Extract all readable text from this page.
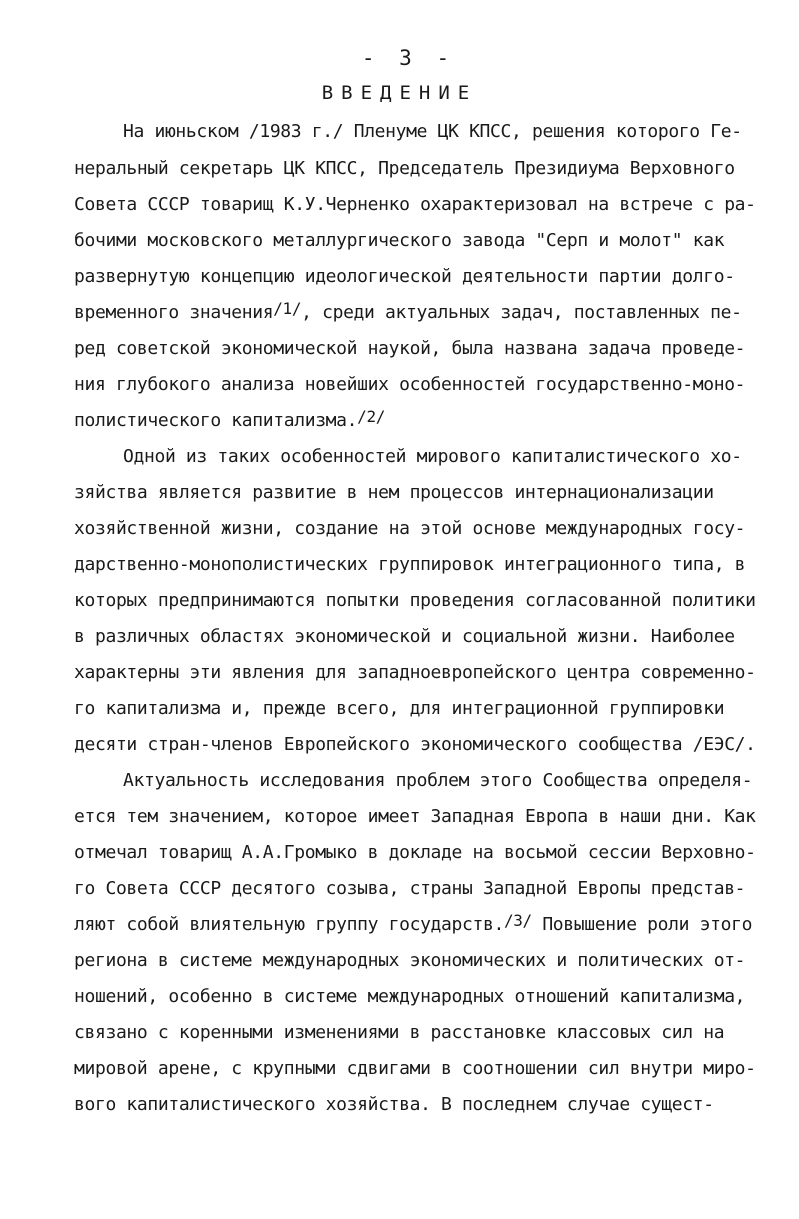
- 3 -
ВВЕДЕНИЕ
На июньском /1983 г./ Пленуме ЦК КПСС, решения которого Ге-
неральный секретарь ЦК КПСС, Председатель Президиума Верховного
Совета СССР товарищ К.У.Черненко охарактеризовал на встрече с ра-
бочими московского металлургического завода "Серп и молот" как
развернутую концепцию идеологической деятельности партии долго-
временного значения$^{/1/}$, среди актуальных задач, поставленных пе-
ред советской экономической наукой, была названа задача проведе-
ния глубокого анализа новейших особенностей государственно-моно-
полистического капитализма.$^{/2/}$
Одной из таких особенностей мирового капиталистического хо-
зяйства является развитие в нем процессов интернационализации
хозяйственной жизни, создание на этой основе международных госу-
дарственно-монополистических группировок интеграционного типа, в
которых предпринимаются попытки проведения согласованной политики
в различных областях экономической и социальной жизни. Наиболее
характерны эти явления для западноевропейского центра современно-
го капитализма и, прежде всего, для интеграционной группировки
десяти стран-членов Европейского экономического сообщества /ЕЭС/.
Актуальность исследования проблем этого Сообщества определя-
ется тем значением, которое имеет Западная Европа в наши дни. Как
отмечал товарищ А.А.Громыко в докладе на восьмой сессии Верховно-
го Совета СССР десятого созыва, страны Западной Европы представ-
ляют собой влиятельную группу государств.$^{/3/}$ Повышение роли этого
региона в системе международных экономических и политических от-
ношений, особенно в системе международных отношений капитализма,
связано с коренными изменениями в расстановке классовых сил на
мировой арене, с крупными сдвигами в соотношении сил внутри миро-
вого капиталистического хозяйства. В последнем случае сущест-
